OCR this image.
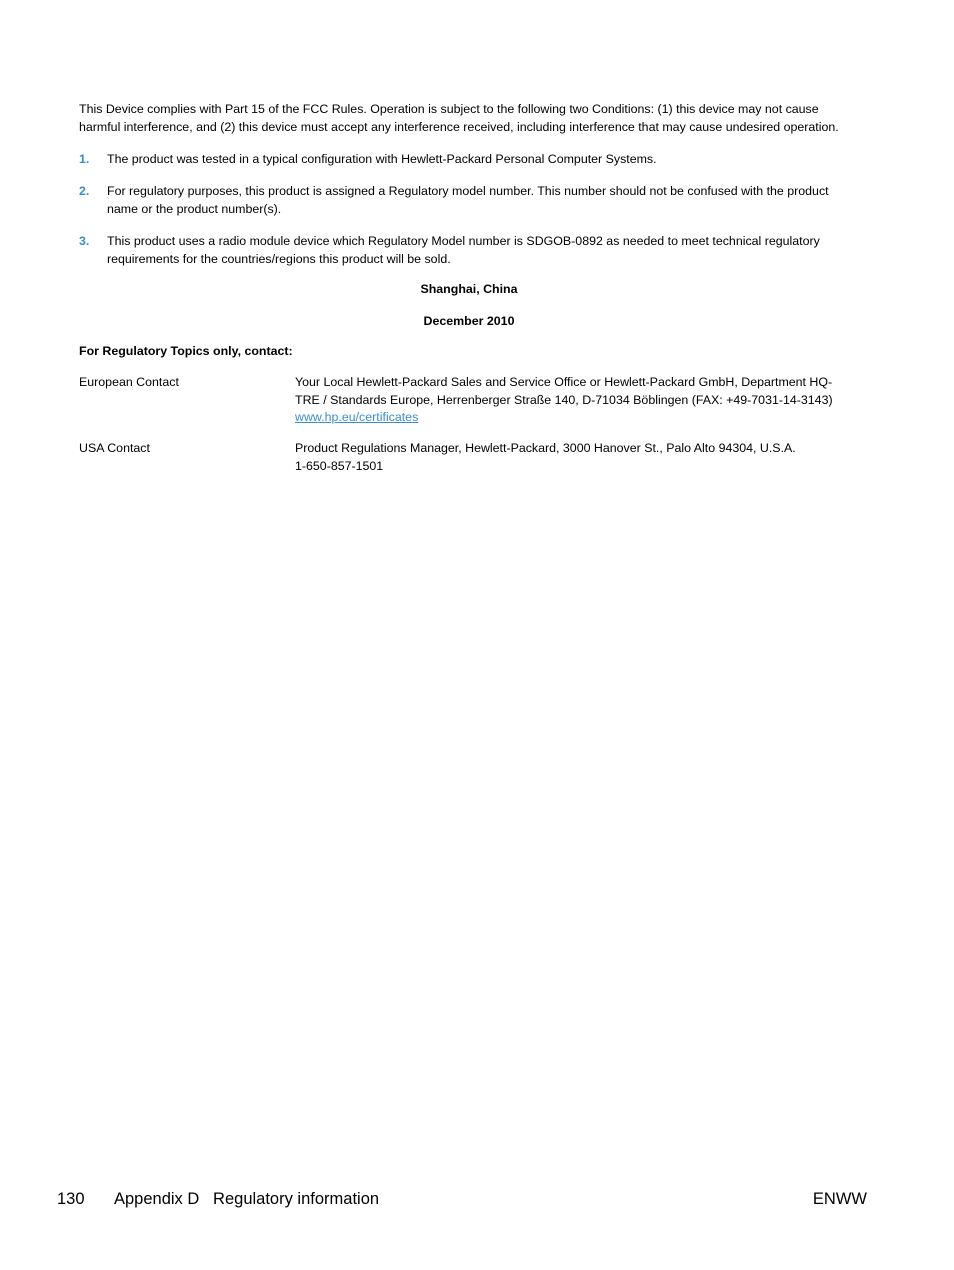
This Device complies with Part 15 of the FCC Rules. Operation is subject to the following two Conditions: (1) this device may not cause
harmful interference, and (2) this device must accept any interference received, including interference that may cause undesired operation.
1. The product was tested in a typical configuration with Hewlett-Packard Personal Computer Systems.
2. For regulatory purposes, this product is assigned a Regulatory model number. This number should not be confused with the product
name or the product number(s).
3. This product uses a radio module device which Regulatory Model number is SDGOB-0892 as needed to meet technical regulatory
requirements for the countries/regions this product will be sold.
Shanghai, China
December 2010
For Regulatory Topics only, contact:
European Contact	Your Local Hewlett-Packard Sales and Service Office or Hewlett-Packard GmbH, Department HQ-
TRE / Standards Europe, Herrenberger Straße 140, D-71034 Böblingen (FAX: +49-7031-14-3143)
www.hp.eu/certificates
USA Contact	Product Regulations Manager, Hewlett-Packard, 3000 Hanover St., Palo Alto 94304, U.S.A.
1-650-857-1501
130 Appendix D   Regulatory information	ENWW
